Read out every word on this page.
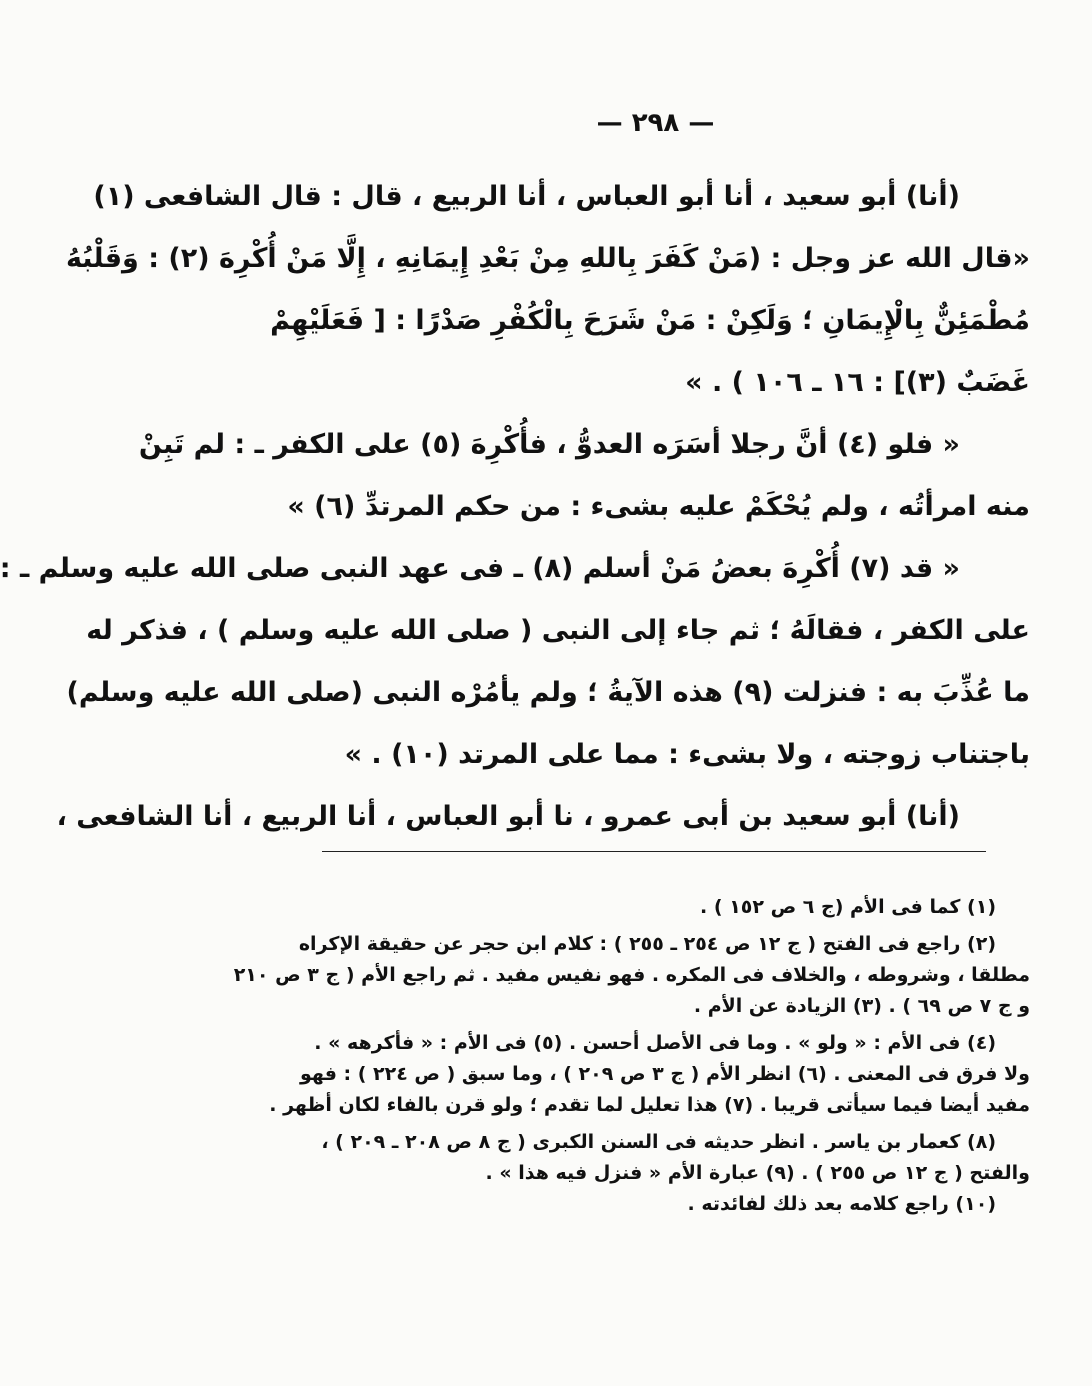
— ٢٩٨ —
(أنا) أبو سعيد ، أنا أبو العباس ، أنا الربيع ، قال : قال الشافعى (١)
«قال الله عز وجل : (مَنْ كَفَرَ بِاللهِ مِنْ بَعْدِ إِيمَانِهِ ، إِلَّا مَنْ أُكْرِهَ (٢) : وَقَلْبُهُ
مُطْمَئِنٌّ بِالْإِيمَانِ ؛ وَلَكِنْ : مَنْ شَرَحَ بِالْكُفْرِ صَدْرًا : [ فَعَلَيْهِمْ
غَضَبٌ (٣)] : ١٦ ـ ١٠٦ ) . »
« فلو (٤) أنَّ رجلا أسَرَه العدوُّ ، فأُكْرِهَ (٥) على الكفر ـ : لم تَبِنْ
منه امرأتُه ، ولم يُحْكَمْ عليه بشىء : من حكم المرتدِّ (٦) »
« قد (٧) أُكْرِهَ بعضُ مَنْ أسلم (٨) ـ فى عهد النبى صلى الله عليه وسلم ـ :
على الكفر ، فقالَهُ ؛ ثم جاء إلى النبى ( صلى الله عليه وسلم ) ، فذكر له
ما عُذِّبَ به : فنزلت (٩) هذه الآيةُ ؛ ولم يأمُرْه النبى (صلى الله عليه وسلم)
باجتناب زوجته ، ولا بشىء : مما على المرتد (١٠) . »
(أنا) أبو سعيد بن أبى عمرو ، نا أبو العباس ، أنا الربيع ، أنا الشافعى ،
(١) كما فى الأم (ج ٦ ص ١٥٢ ) .
(٢) راجع فى الفتح ( ج ١٢ ص ٢٥٤ ـ ٢٥٥ ) : كلام ابن حجر عن حقيقة الإكراه
مطلقا ، وشروطه ، والخلاف فى المكره . فهو نفيس مفيد . ثم راجع الأم ( ج ٣ ص ٢١٠
و ج ٧ ص ٦٩ ) . (٣) الزيادة عن الأم .
(٤) فى الأم : « ولو » . وما فى الأصل أحسن . (٥) فى الأم : « فأكرهه » .
ولا فرق فى المعنى . (٦) انظر الأم ( ج ٣ ص ٢٠٩ ) ، وما سبق ( ص ٢٢٤ ) : فهو
مفيد أيضا فيما سيأتى قريبا . (٧) هذا تعليل لما تقدم ؛ ولو قرن بالفاء لكان أظهر .
(٨) كعمار بن ياسر . انظر حديثه فى السنن الكبرى ( ج ٨ ص ٢٠٨ ـ ٢٠٩ ) ،
والفتح ( ج ١٢ ص ٢٥٥ ) . (٩) عبارة الأم « فنزل فيه هذا » .
(١٠) راجع كلامه بعد ذلك لفائدته .
